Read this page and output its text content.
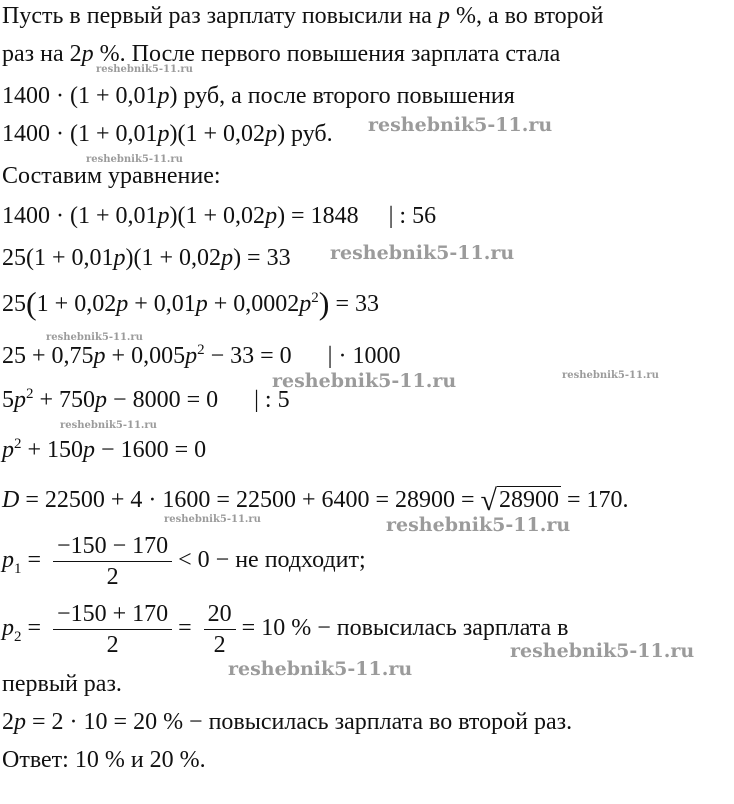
Пусть в первый раз зарплату повысили на p %, а во второй
раз на 2p %. После первого повышения зарплата стала
1400 · (1 + 0,01p) руб, а после второго повышения
1400 · (1 + 0,01p)(1 + 0,02p) руб.
Составим уравнение:
1400 · (1 + 0,01p)(1 + 0,02p) = 1848     | : 56
25(1 + 0,01p)(1 + 0,02p) = 33
$25(1 + 0,02p + 0,01p + 0,0002p^2) = 33$
$25 + 0,75p + 0,005p^2 - 33 = 0$      | · 1000
$5p^2 + 750p - 8000 = 0$      | : 5
$p^2 + 150p - 1600 = 0$
D = 22500 + 4 · 1600 = 22500 + 6400 = 28900 = √28900 = 170.
$p_1 = \frac{-150 - 170}{2} < 0$ − не подходит;
$p_2 = \frac{-150 + 170}{2} = \frac{20}{2} = 10$ % − повысилась зарплата в
первый раз.
2p = 2 · 10 = 20 % − повысилась зарплата во второй раз.
Ответ: 10 % и 20 %.
reshebnik5-11.ru
reshebnik5-11.ru
reshebnik5-11.ru
reshebnik5-11.ru
reshebnik5-11.ru
reshebnik5-11.ru	reshebnik5-11.ru
reshebnik5-11.ru
reshebnik5-11.ru	reshebnik5-11.ru
reshebnik5-11.ru
reshebnik5-11.ru
